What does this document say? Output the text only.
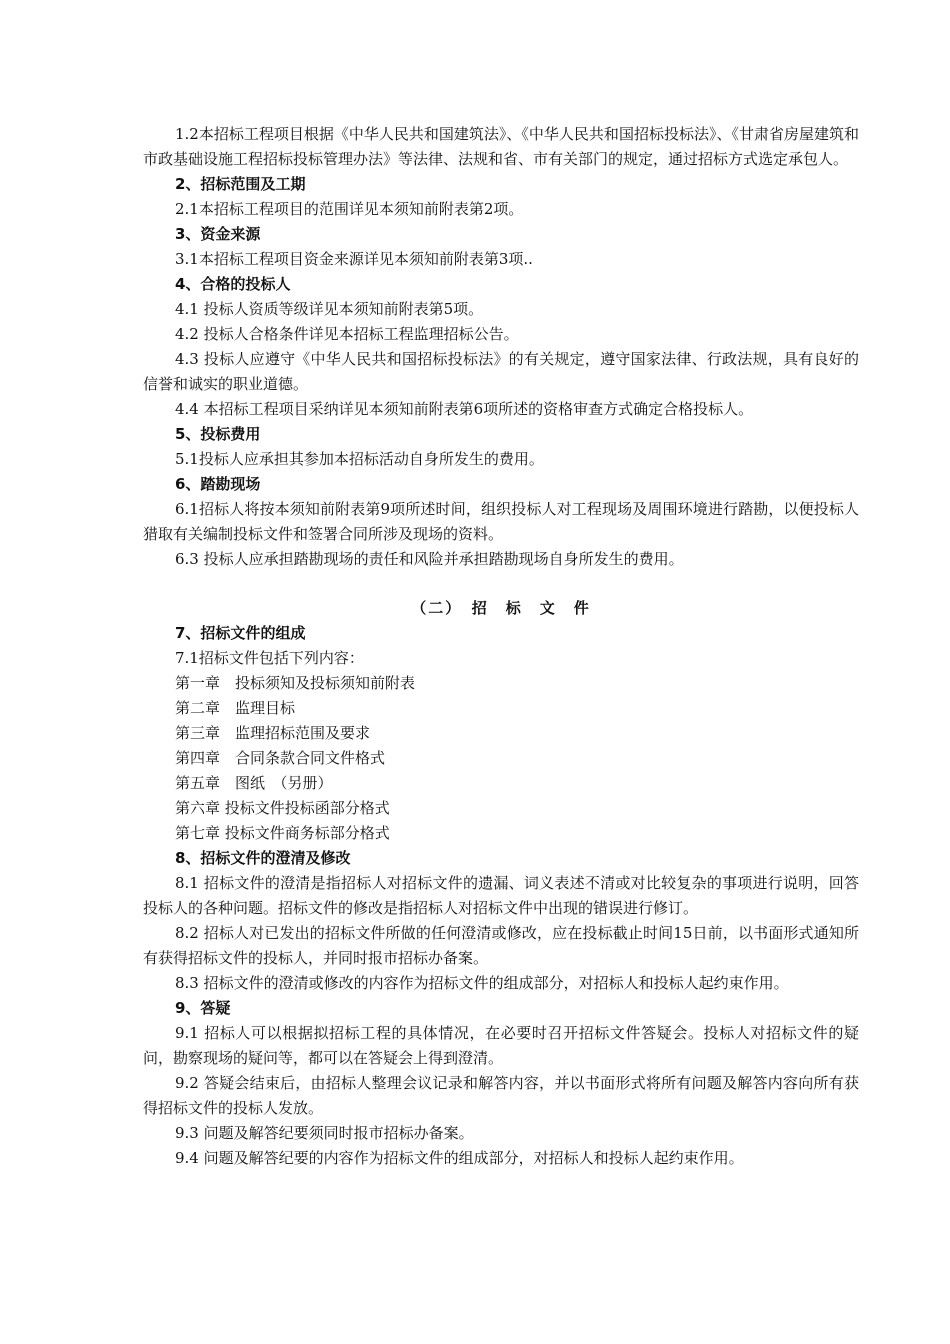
1.2本招标工程项目根据《中华人民共和国建筑法》、《中华人民共和国招标投标法》、《甘肃省房屋建筑和市政基础设施工程招标投标管理办法》等法律、法规和省、市有关部门的规定，通过招标方式选定承包人。

2、招标范围及工期

2.1本招标工程项目的范围详见本须知前附表第2项。

3、资金来源

3.1本招标工程项目资金来源详见本须知前附表第3项..

4、合格的投标人

4.1 投标人资质等级详见本须知前附表第5项。

4.2 投标人合格条件详见本招标工程监理招标公告。

4.3 投标人应遵守《中华人民共和国招标投标法》的有关规定，遵守国家法律、行政法规，具有良好的信誉和诚实的职业道德。

4.4 本招标工程项目采纳详见本须知前附表第6项所述的资格审查方式确定合格投标人。

5、投标费用

5.1投标人应承担其参加本招标活动自身所发生的费用。

6、踏勘现场

6.1招标人将按本须知前附表第9项所述时间，组织投标人对工程现场及周围环境进行踏勘，以便投标人猎取有关编制投标文件和签署合同所涉及现场的资料。

6.3 投标人应承担踏勘现场的责任和风险并承担踏勘现场自身所发生的费用。

（二）　招　标　文　件

7、招标文件的组成

7.1招标文件包括下列内容：

第一章　投标须知及投标须知前附表

第二章　监理目标

第三章　监理招标范围及要求

第四章　合同条款合同文件格式

第五章　图纸　（另册）

第六章 投标文件投标函部分格式

第七章 投标文件商务标部分格式

8、招标文件的澄清及修改

8.1 招标文件的澄清是指招标人对招标文件的遗漏、词义表述不清或对比较复杂的事项进行说明，回答投标人的各种问题。招标文件的修改是指招标人对招标文件中出现的错误进行修订。

8.2 招标人对已发出的招标文件所做的任何澄清或修改，应在投标截止时间15日前，以书面形式通知所有获得招标文件的投标人，并同时报市招标办备案。

8.3 招标文件的澄清或修改的内容作为招标文件的组成部分，对招标人和投标人起约束作用。

9、答疑

9.1 招标人可以根据拟招标工程的具体情况，在必要时召开招标文件答疑会。投标人对招标文件的疑问，勘察现场的疑问等，都可以在答疑会上得到澄清。

9.2 答疑会结束后，由招标人整理会议记录和解答内容，并以书面形式将所有问题及解答内容向所有获得招标文件的投标人发放。

9.3 问题及解答纪要须同时报市招标办备案。

9.4 问题及解答纪要的内容作为招标文件的组成部分，对招标人和投标人起约束作用。
